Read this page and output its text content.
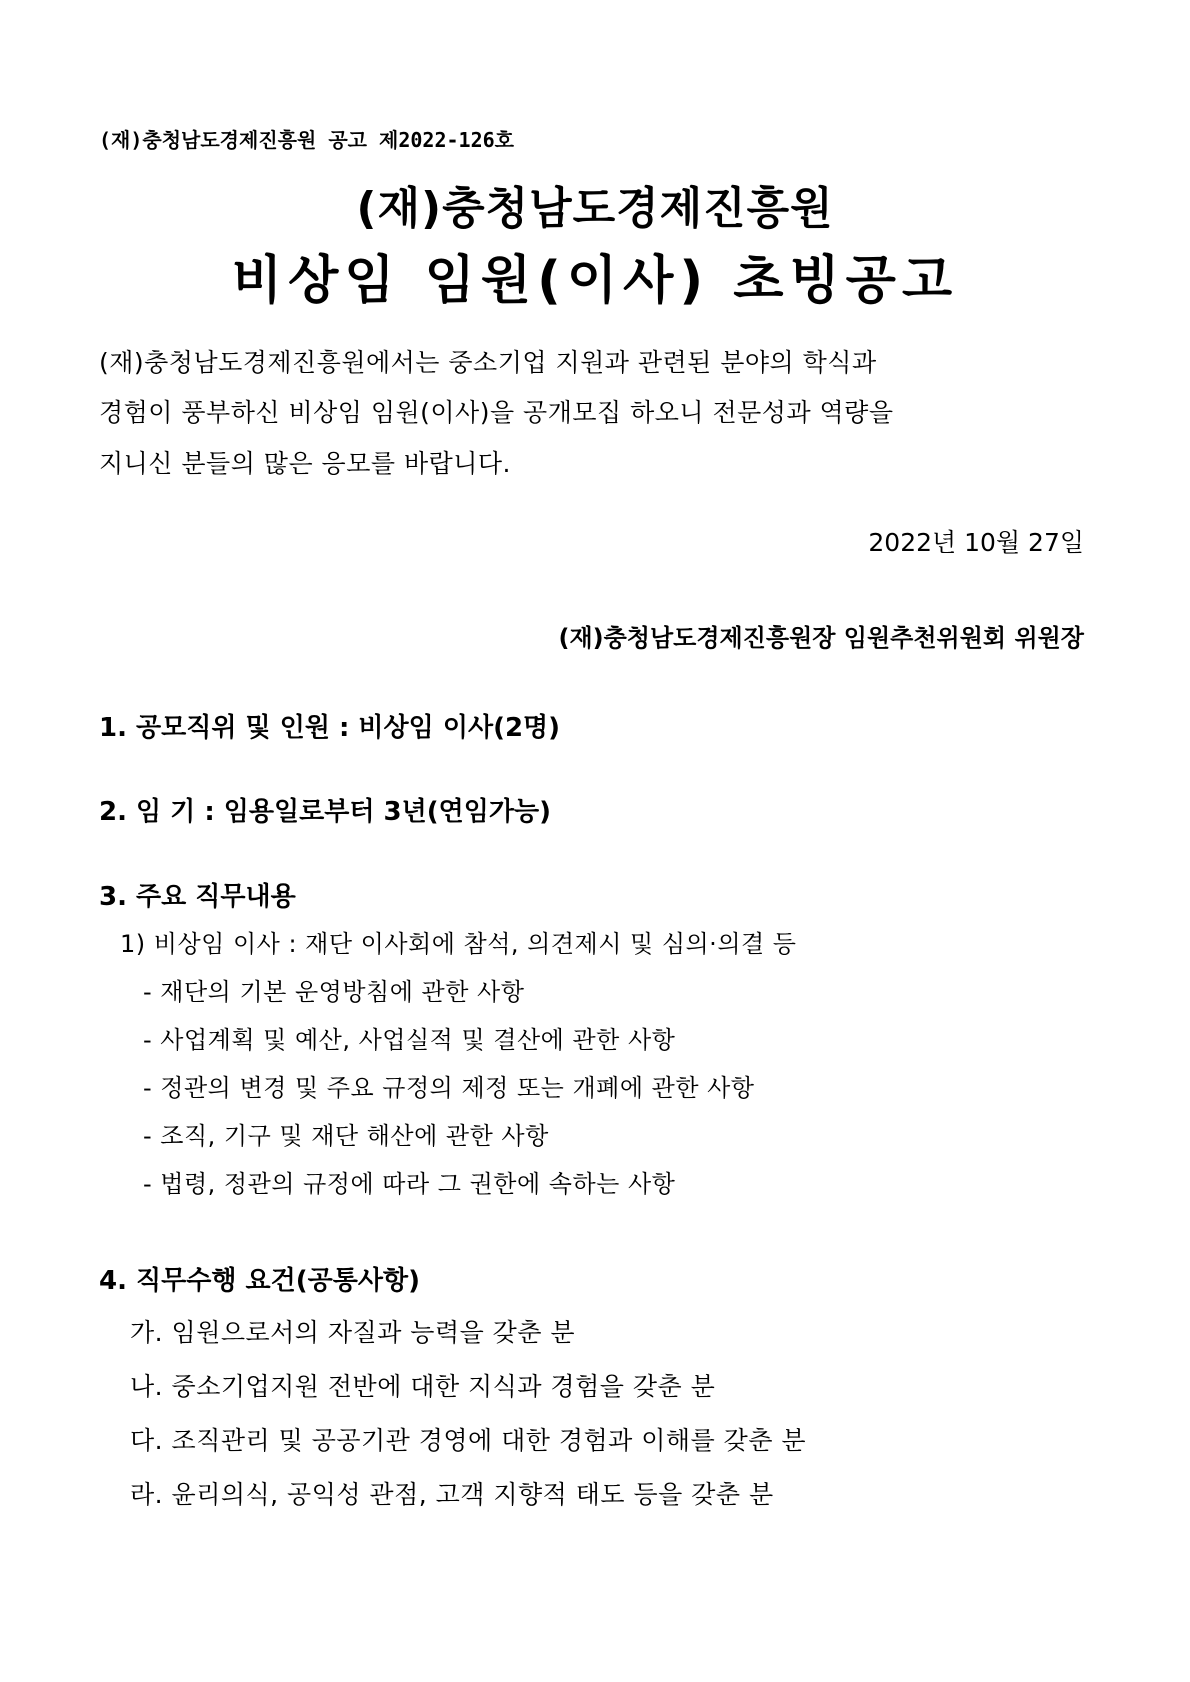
(재)충청남도경제진흥원 공고 제2022-126호
(재)충청남도경제진흥원
비상임 임원(이사) 초빙공고
(재)충청남도경제진흥원에서는 중소기업 지원과 관련된 분야의 학식과
경험이 풍부하신 비상임 임원(이사)을 공개모집 하오니 전문성과 역량을
지니신 분들의 많은 응모를 바랍니다.
2022년 10월 27일
(재)충청남도경제진흥원장 임원추천위원회 위원장
1. 공모직위 및 인원 : 비상임 이사(2명)
2. 임 기 : 임용일로부터 3년(연임가능)
3. 주요 직무내용
1) 비상임 이사 : 재단 이사회에 참석, 의견제시 및 심의·의결 등
- 재단의 기본 운영방침에 관한 사항
- 사업계획 및 예산, 사업실적 및 결산에 관한 사항
- 정관의 변경 및 주요 규정의 제정 또는 개폐에 관한 사항
- 조직, 기구 및 재단 해산에 관한 사항
- 법령, 정관의 규정에 따라 그 권한에 속하는 사항
4. 직무수행 요건(공통사항)
가. 임원으로서의 자질과 능력을 갖춘 분
나. 중소기업지원 전반에 대한 지식과 경험을 갖춘 분
다. 조직관리 및 공공기관 경영에 대한 경험과 이해를 갖춘 분
라. 윤리의식, 공익성 관점, 고객 지향적 태도 등을 갖춘 분
